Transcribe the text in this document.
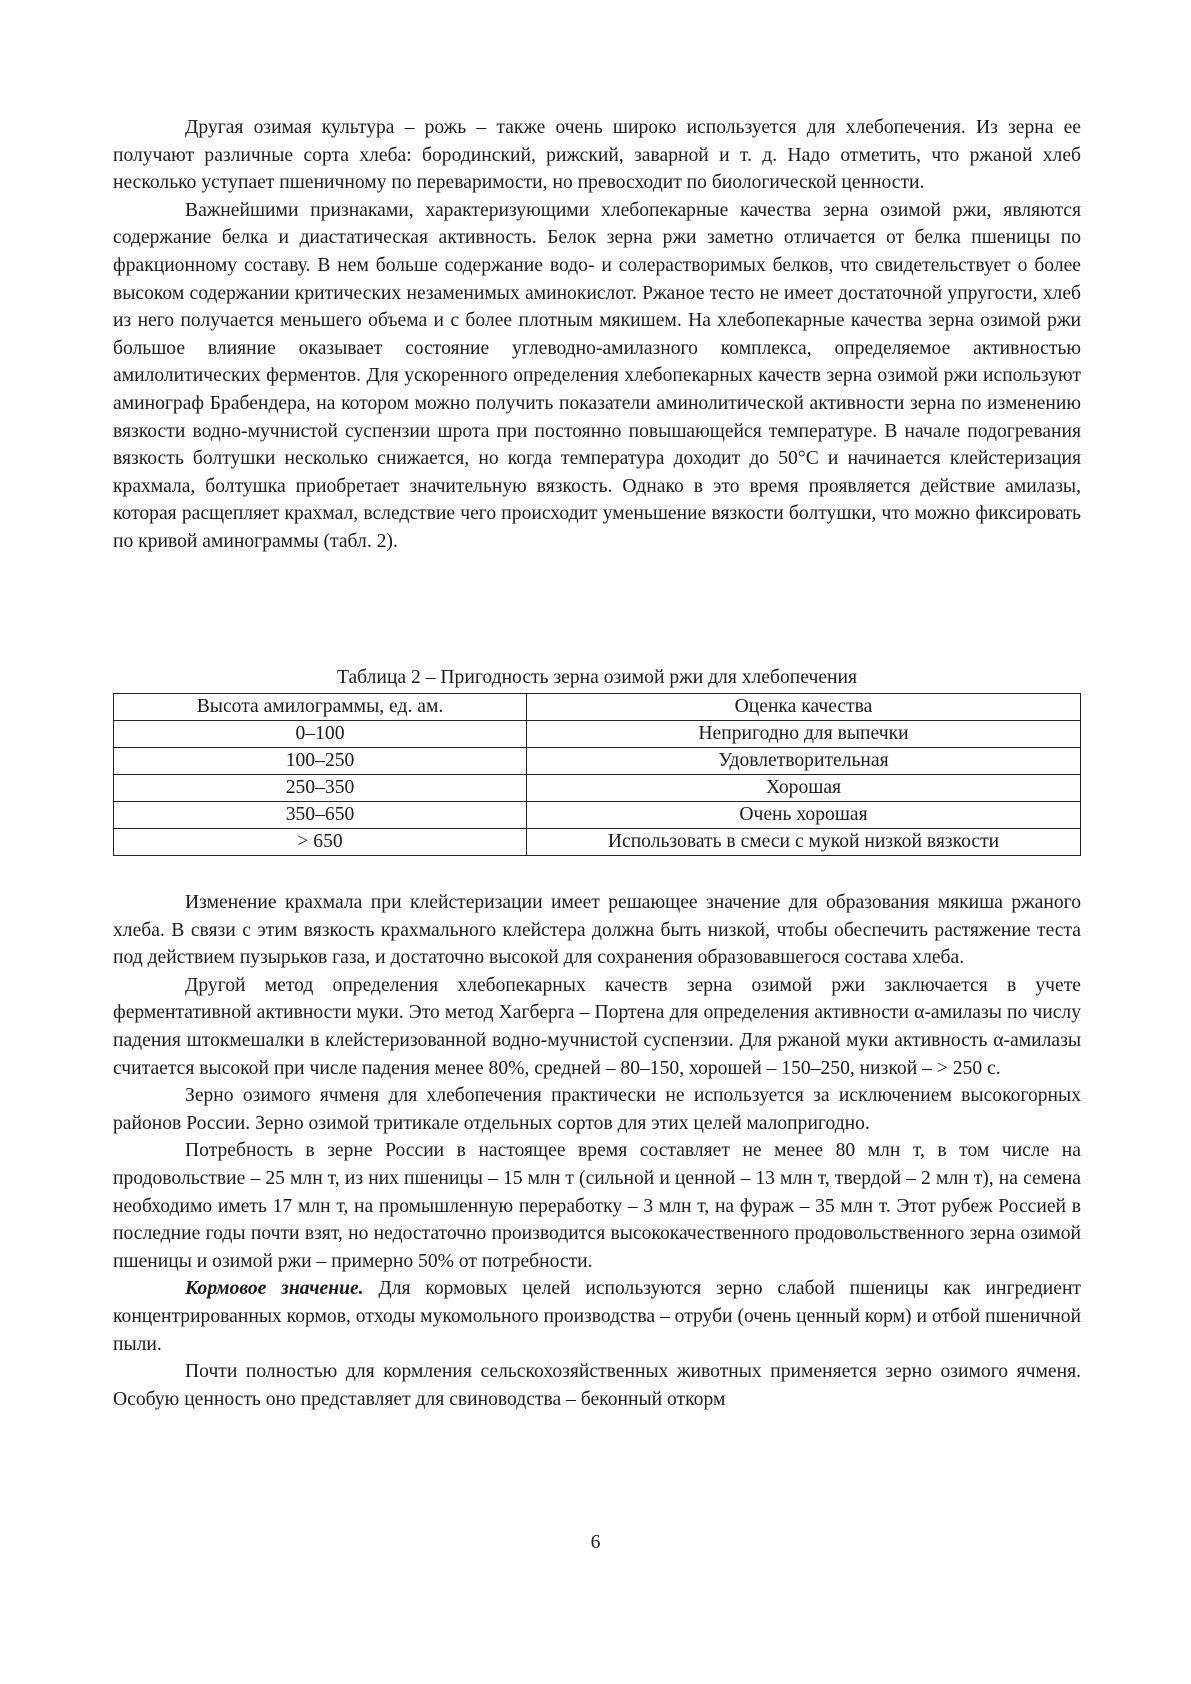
Другая озимая культура – рожь – также очень широко используется для хлебопечения. Из зерна ее получают различные сорта хлеба: бородинский, рижский, заварной и т. д. Надо отметить, что ржаной хлеб несколько уступает пшеничному по переваримости, но превосходит по биологической ценности.

Важнейшими признаками, характеризующими хлебопекарные качества зерна озимой ржи, являются содержание белка и диастатическая активность. Белок зерна ржи заметно отличается от белка пшеницы по фракционному составу. В нем больше содержание водо- и солерастворимых белков, что свидетельствует о более высоком содержании критических незаменимых аминокислот. Ржаное тесто не имеет достаточной упругости, хлеб из него получается меньшего объема и с более плотным мякишем. На хлебопекарные качества зерна озимой ржи большое влияние оказывает состояние углеводно-амилазного комплекса, определяемое активностью амилолитических ферментов. Для ускоренного определения хлебопекарных качеств зерна озимой ржи используют аминограф Брабендера, на котором можно получить показатели аминолитической активности зерна по изменению вязкости водно-мучнистой суспензии шрота при постоянно повышающейся температуре. В начале подогревания вязкость болтушки несколько снижается, но когда температура доходит до 50°С и начинается клейстеризация крахмала, болтушка приобретает значительную вязкость. Однако в это время проявляется действие амилазы, которая расщепляет крахмал, вследствие чего происходит уменьшение вязкости болтушки, что можно фиксировать по кривой аминограммы (табл. 2).

Таблица 2 – Пригодность зерна озимой ржи для хлебопечения
Высота амилограммы, ед. ам.	Оценка качества
0–100	Непригодно для выпечки
100–250	Удовлетворительная
250–350	Хорошая
350–650	Очень хорошая
> 650	Использовать в смеси с мукой низкой вязкости

Изменение крахмала при клейстеризации имеет решающее значение для образования мякиша ржаного хлеба. В связи с этим вязкость крахмального клейстера должна быть низкой, чтобы обеспечить растяжение теста под действием пузырьков газа, и достаточно высокой для сохранения образовавшегося состава хлеба.

Другой метод определения хлебопекарных качеств зерна озимой ржи заключается в учете ферментативной активности муки. Это метод Хагберга – Портена для определения активности α-амилазы по числу падения штокмешалки в клейстеризованной водно-мучнистой суспензии. Для ржаной муки активность α-амилазы считается высокой при числе падения менее 80%, средней – 80–150, хорошей – 150–250, низкой – > 250 с.

Зерно озимого ячменя для хлебопечения практически не используется за исключением высокогорных районов России. Зерно озимой тритикале отдельных сортов для этих целей малопригодно.

Потребность в зерне России в настоящее время составляет не менее 80 млн т, в том числе на продовольствие – 25 млн т, из них пшеницы – 15 млн т (сильной и ценной – 13 млн т, твердой – 2 млн т), на семена необходимо иметь 17 млн т, на промышленную переработку – 3 млн т, на фураж – 35 млн т. Этот рубеж Россией в последние годы почти взят, но недостаточно производится высококачественного продовольственного зерна озимой пшеницы и озимой ржи – примерно 50% от потребности.

Кормовое значение. Для кормовых целей используются зерно слабой пшеницы как ингредиент концентрированных кормов, отходы мукомольного производства – отруби (очень ценный корм) и отбой пшеничной пыли.

Почти полностью для кормления сельскохозяйственных животных применяется зерно озимого ячменя. Особую ценность оно представляет для свиноводства – беконный откорм

6
